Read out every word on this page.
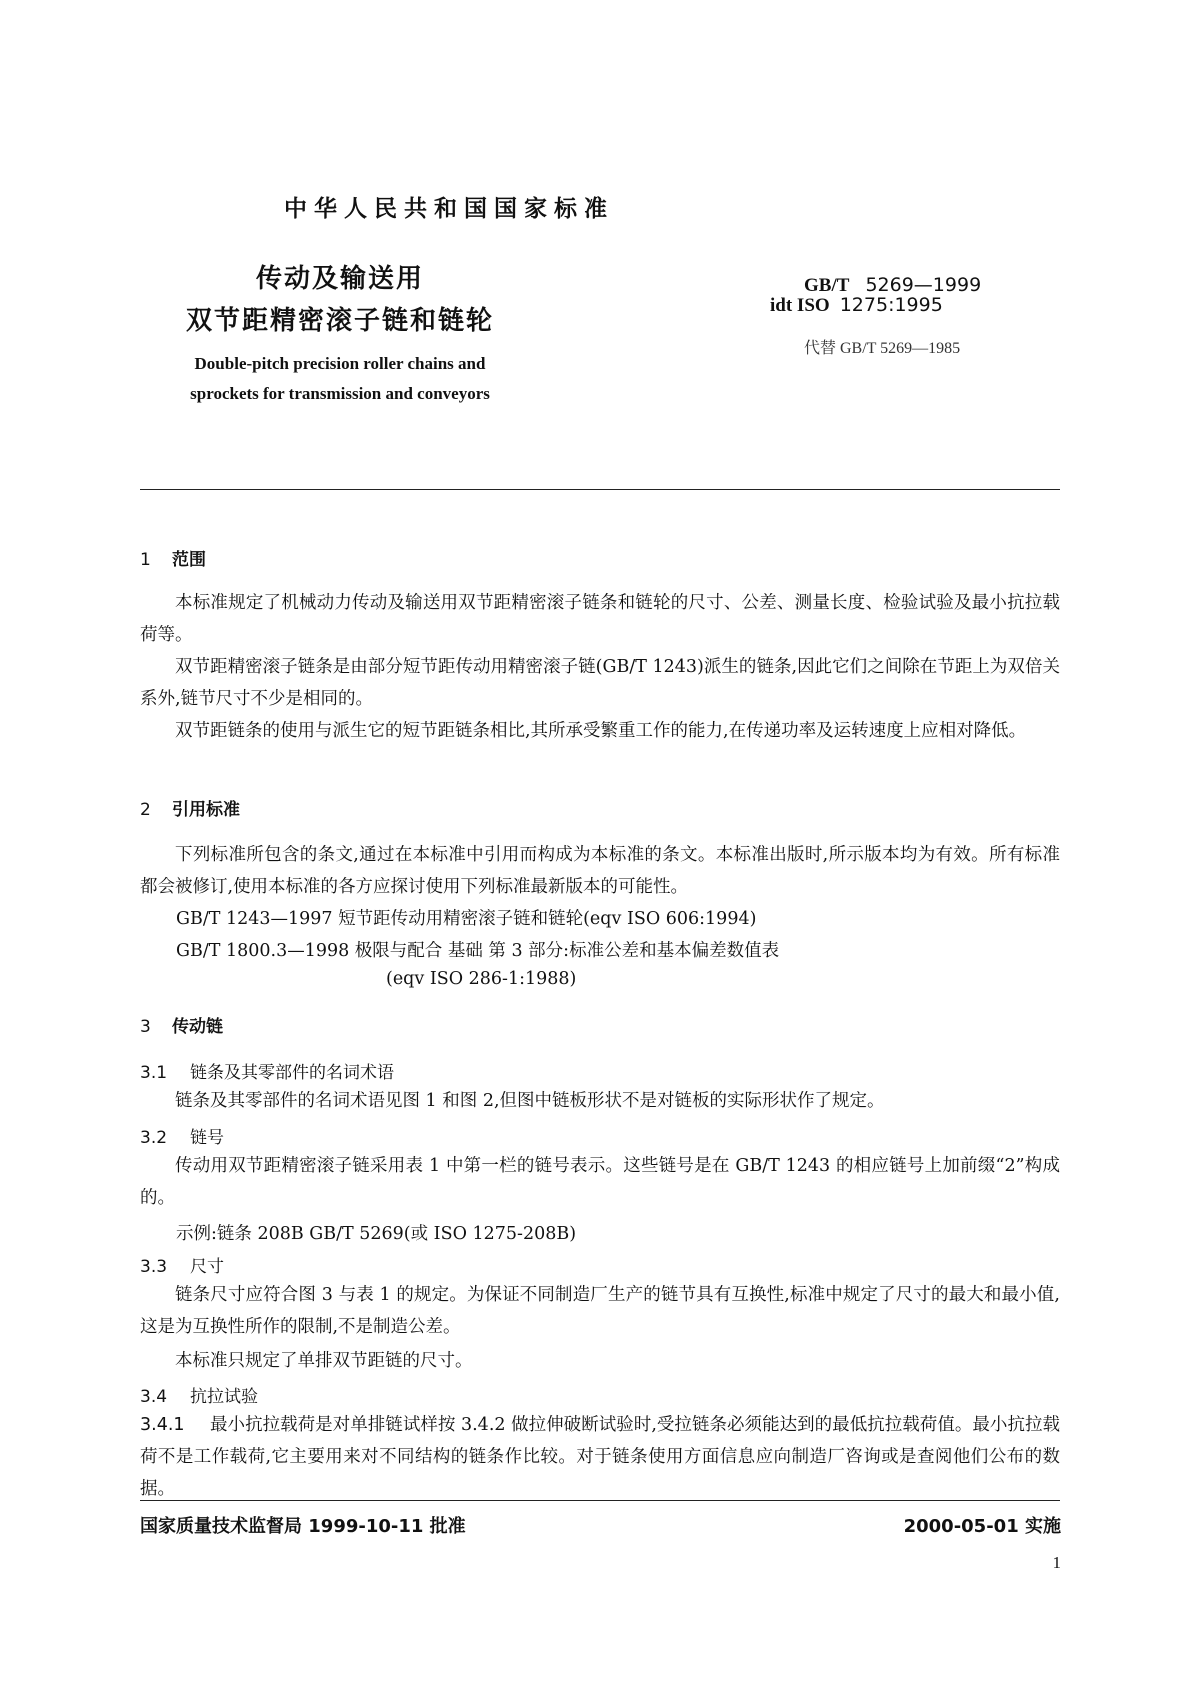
中华人民共和国国家标准
传动及输送用
双节距精密滚子链和链轮
Double-pitch precision roller chains and
sprockets for transmission and conveyors
GB/T 5269—1999
idt ISO 1275:1995
代替 GB/T 5269—1985
1 范围
本标准规定了机械动力传动及输送用双节距精密滚子链条和链轮的尺寸、公差、测量长度、检验试验及最小抗拉载荷等。
双节距精密滚子链条是由部分短节距传动用精密滚子链(GB/T 1243)派生的链条,因此它们之间除在节距上为双倍关系外,链节尺寸不少是相同的。
双节距链条的使用与派生它的短节距链条相比,其所承受繁重工作的能力,在传递功率及运转速度上应相对降低。
2 引用标准
下列标准所包含的条文,通过在本标准中引用而构成为本标准的条文。本标准出版时,所示版本均为有效。所有标准都会被修订,使用本标准的各方应探讨使用下列标准最新版本的可能性。
GB/T 1243—1997 短节距传动用精密滚子链和链轮(eqv ISO 606:1994)
GB/T 1800.3—1998 极限与配合 基础 第 3 部分:标准公差和基本偏差数值表
(eqv ISO 286-1:1988)
3 传动链
3.1 链条及其零部件的名词术语
链条及其零部件的名词术语见图 1 和图 2,但图中链板形状不是对链板的实际形状作了规定。
3.2 链号
传动用双节距精密滚子链采用表 1 中第一栏的链号表示。这些链号是在 GB/T 1243 的相应链号上加前缀“2”构成的。
示例:链条 208B GB/T 5269(或 ISO 1275-208B)
3.3 尺寸
链条尺寸应符合图 3 与表 1 的规定。为保证不同制造厂生产的链节具有互换性,标准中规定了尺寸的最大和最小值,这是为互换性所作的限制,不是制造公差。
本标准只规定了单排双节距链的尺寸。
3.4 抗拉试验
3.4.1 最小抗拉载荷是对单排链试样按 3.4.2 做拉伸破断试验时,受拉链条必须能达到的最低抗拉载荷值。最小抗拉载荷不是工作载荷,它主要用来对不同结构的链条作比较。对于链条使用方面信息应向制造厂咨询或是查阅他们公布的数据。
国家质量技术监督局 1999-10-11 批准	2000-05-01 实施
1
